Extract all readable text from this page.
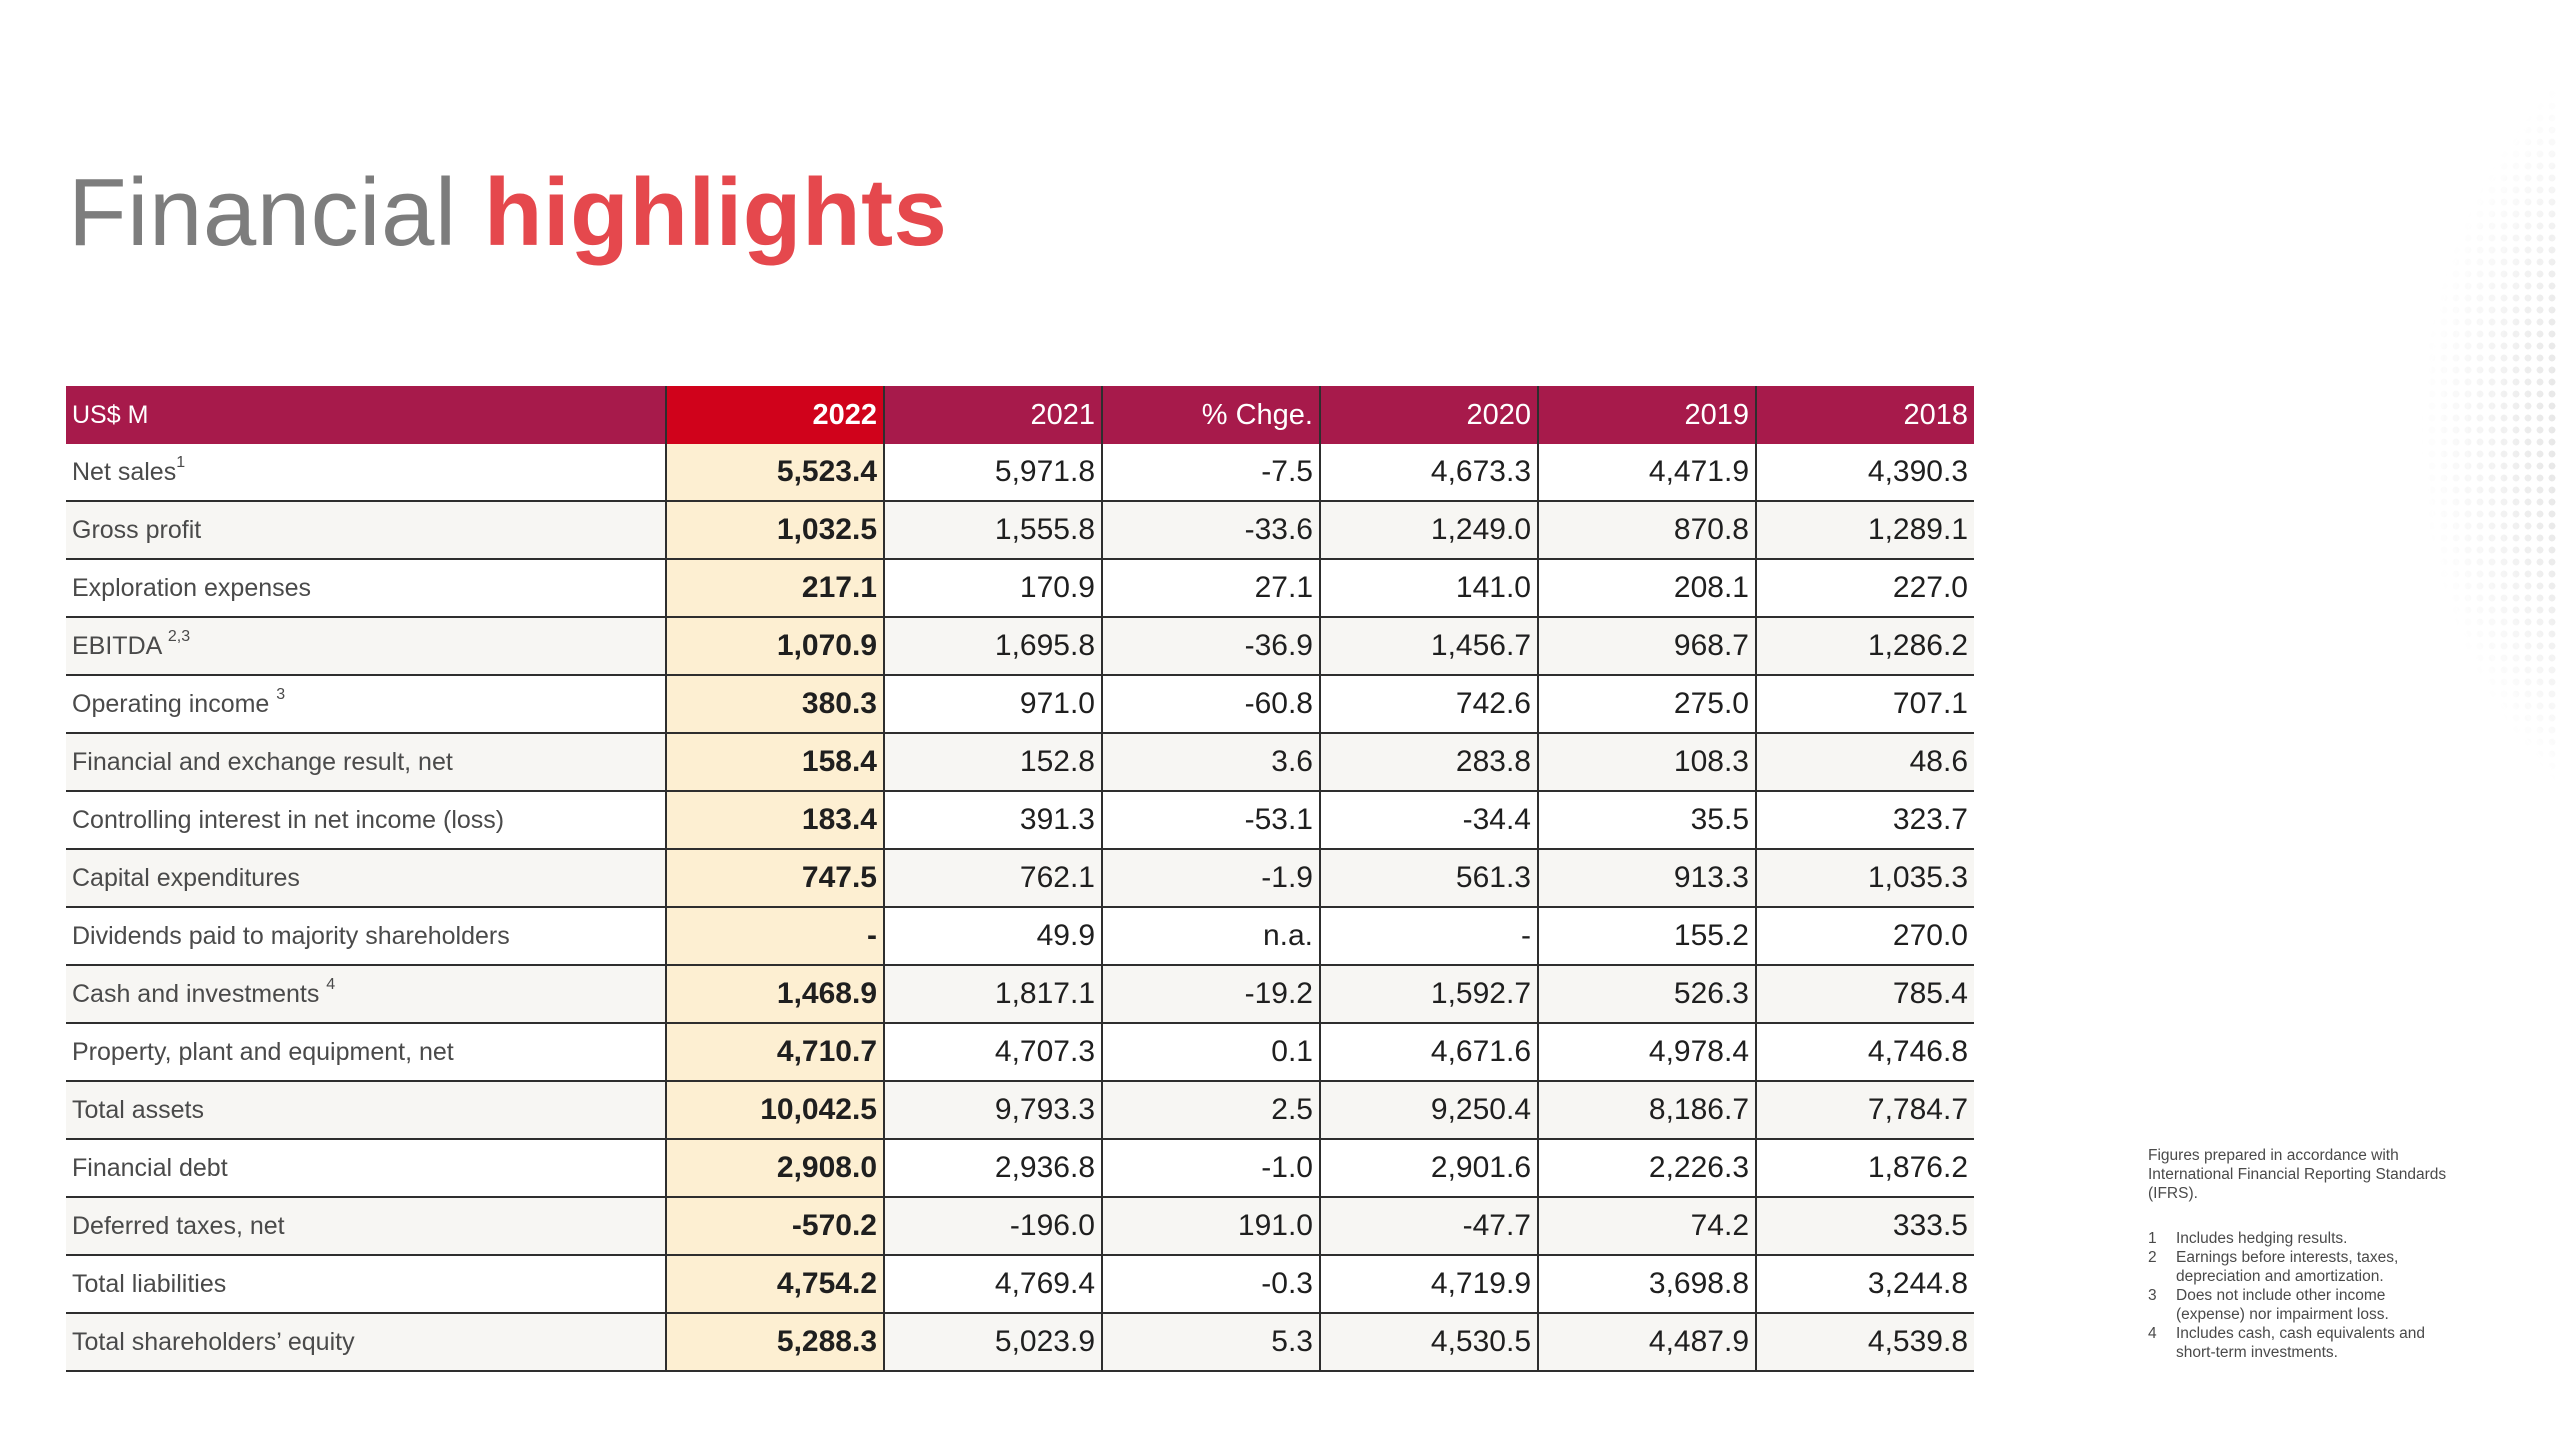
Financial highlights
US$ M	2022	2021	% Chge.	2020	2019	2018
Net sales$^1$	5,523.4	5,971.8	-7.5	4,673.3	4,471.9	4,390.3
Gross profit	1,032.5	1,555.8	-33.6	1,249.0	870.8	1,289.1
Exploration expenses	217.1	170.9	27.1	141.0	208.1	227.0
EBITDA $^{2,3}$	1,070.9	1,695.8	-36.9	1,456.7	968.7	1,286.2
Operating income $^3$	380.3	971.0	-60.8	742.6	275.0	707.1
Financial and exchange result, net	158.4	152.8	3.6	283.8	108.3	48.6
Controlling interest in net income (loss)	183.4	391.3	-53.1	-34.4	35.5	323.7
Capital expenditures	747.5	762.1	-1.9	561.3	913.3	1,035.3
Dividends paid to majority shareholders	-	49.9	n.a.	-	155.2	270.0
Cash and investments $^4$	1,468.9	1,817.1	-19.2	1,592.7	526.3	785.4
Property, plant and equipment, net	4,710.7	4,707.3	0.1	4,671.6	4,978.4	4,746.8
Total assets	10,042.5	9,793.3	2.5	9,250.4	8,186.7	7,784.7
Financial debt	2,908.0	2,936.8	-1.0	2,901.6	2,226.3	1,876.2
Deferred taxes, net	-570.2	-196.0	191.0	-47.7	74.2	333.5
Total liabilities	4,754.2	4,769.4	-0.3	4,719.9	3,698.8	3,244.8
Total shareholders’ equity	5,288.3	5,023.9	5.3	4,530.5	4,487.9	4,539.8

Figures prepared in accordance with International Financial Reporting Standards (IFRS).

1	Includes hedging results.
2	Earnings before interests, taxes, depreciation and amortization.
3	Does not include other income (expense) nor impairment loss.
4	Includes cash, cash equivalents and short-term investments.
